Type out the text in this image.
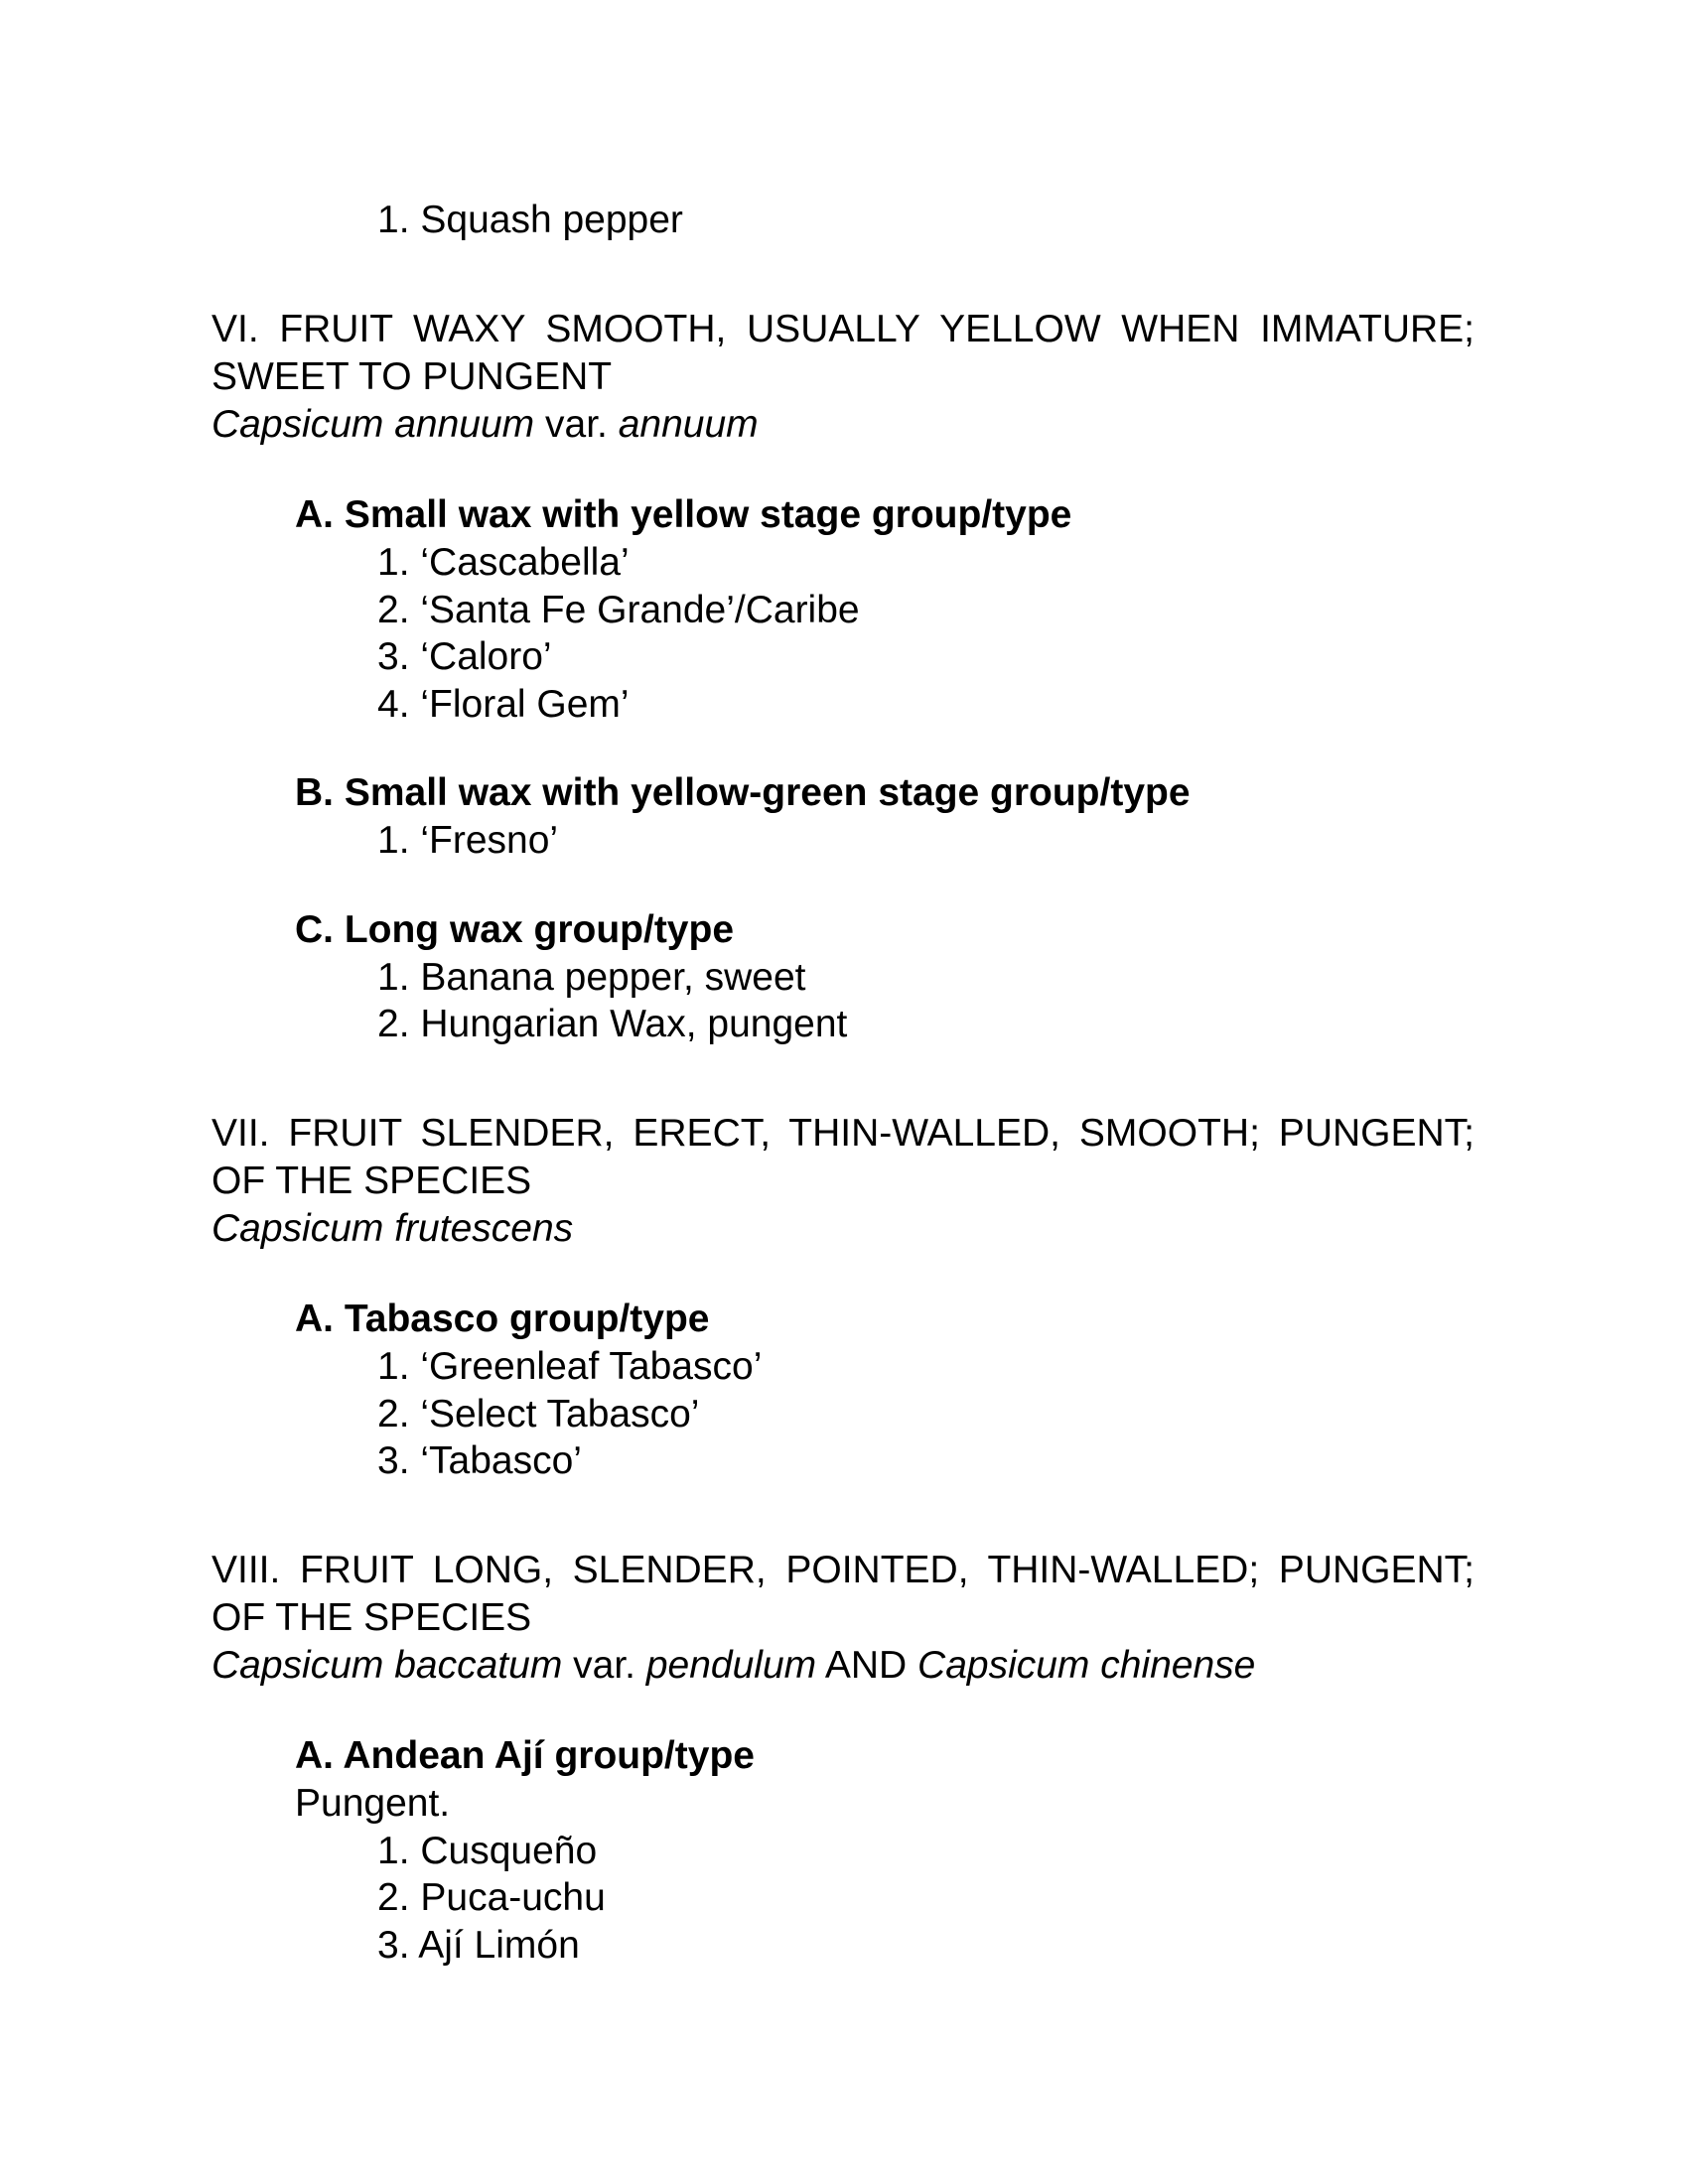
1. Squash pepper
VI. FRUIT WAXY SMOOTH, USUALLY YELLOW WHEN IMMATURE; SWEET TO PUNGENT
Capsicum annuum var. annuum
A. Small wax with yellow stage group/type
1. ‘Cascabella’
2. ‘Santa Fe Grande’/Caribe
3. ‘Caloro’
4. ‘Floral Gem’
B. Small wax with yellow-green stage group/type
1. ‘Fresno’
C. Long wax group/type
1. Banana pepper, sweet
2. Hungarian Wax, pungent
VII. FRUIT SLENDER, ERECT, THIN-WALLED, SMOOTH; PUNGENT; OF THE SPECIES
Capsicum frutescens
A. Tabasco group/type
1. ‘Greenleaf Tabasco’
2. ‘Select Tabasco’
3. ‘Tabasco’
VIII. FRUIT LONG, SLENDER, POINTED, THIN-WALLED; PUNGENT; OF THE SPECIES
Capsicum baccatum var. pendulum AND Capsicum chinense
A. Andean Ají group/type
Pungent.
1. Cusqueño
2. Puca-uchu
3. Ají Limón
